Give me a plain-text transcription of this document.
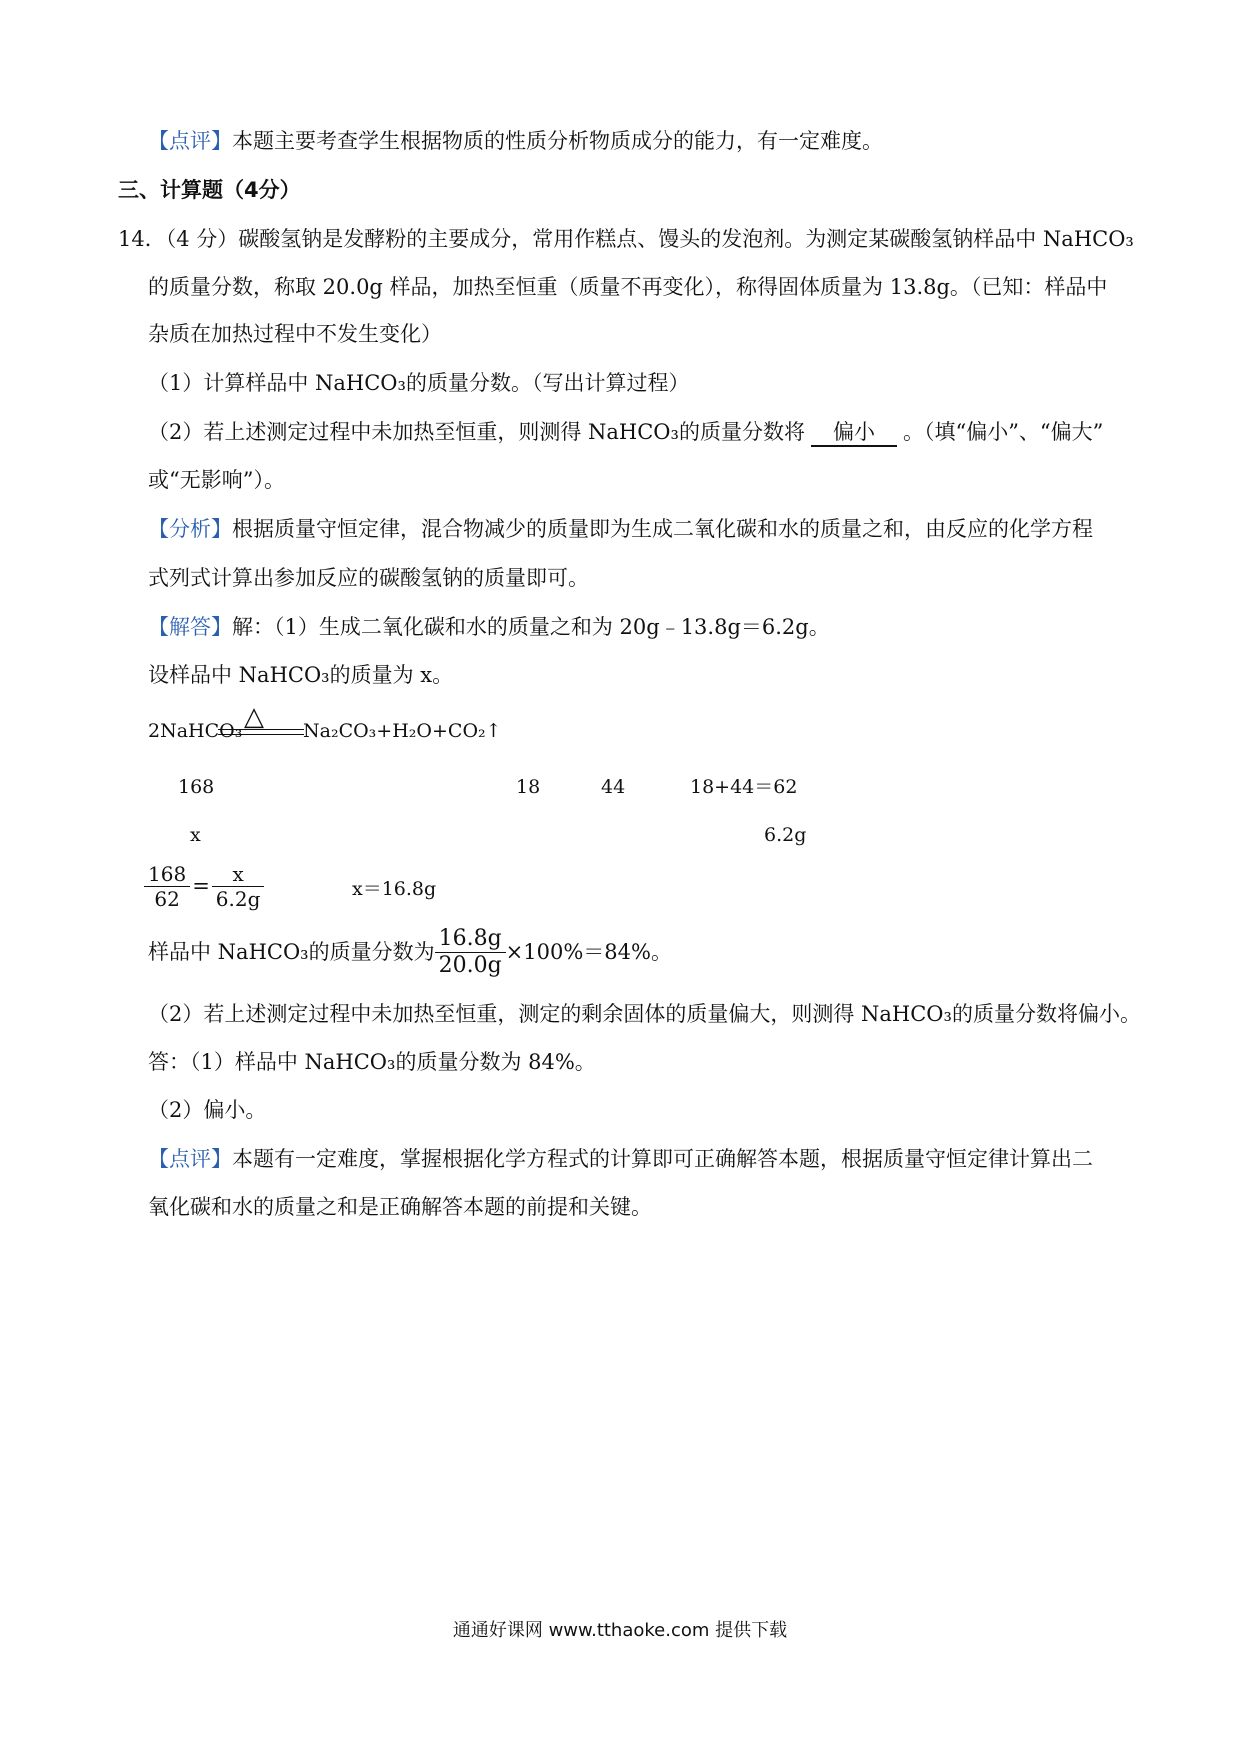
【点评】本题主要考查学生根据物质的性质分析物质成分的能力，有一定难度。
三、计算题（4分）
14．（4 分）碳酸氢钠是发酵粉的主要成分，常用作糕点、馒头的发泡剂。为测定某碳酸氢钠样品中 NaHCO₃
的质量分数，称取 20.0g 样品，加热至恒重（质量不再变化），称得固体质量为 13.8g。（已知：样品中
杂质在加热过程中不发生变化）
（1）计算样品中 NaHCO₃的质量分数。（写出计算过程）
（2）若上述测定过程中未加热至恒重，则测得 NaHCO₃的质量分数将 偏小 。（填“偏小”、“偏大”
或“无影响”）。
【分析】根据质量守恒定律，混合物减少的质量即为生成二氧化碳和水的质量之和，由反应的化学方程
式列式计算出参加反应的碳酸氢钠的质量即可。
【解答】解：（1）生成二氧化碳和水的质量之和为 20g﹣13.8g＝6.2g。
设样品中 NaHCO₃的质量为 x。
2NaHCO₃ △ Na₂CO₃+H₂O+CO₂↑
168	18	44	18+44＝62
x	6.2g
$\frac{168}{62} = \frac{x}{6.2g}$	x＝16.8g
样品中 NaHCO₃的质量分数为 $\frac{16.8g}{20.0g} \times 100\%=84\%$。
（2）若上述测定过程中未加热至恒重，测定的剩余固体的质量偏大，则测得 NaHCO₃的质量分数将偏小。
答：（1）样品中 NaHCO₃的质量分数为 84%。
（2）偏小。
【点评】本题有一定难度，掌握根据化学方程式的计算即可正确解答本题，根据质量守恒定律计算出二
氧化碳和水的质量之和是正确解答本题的前提和关键。
通通好课网 www.tthaoke.com 提供下载
